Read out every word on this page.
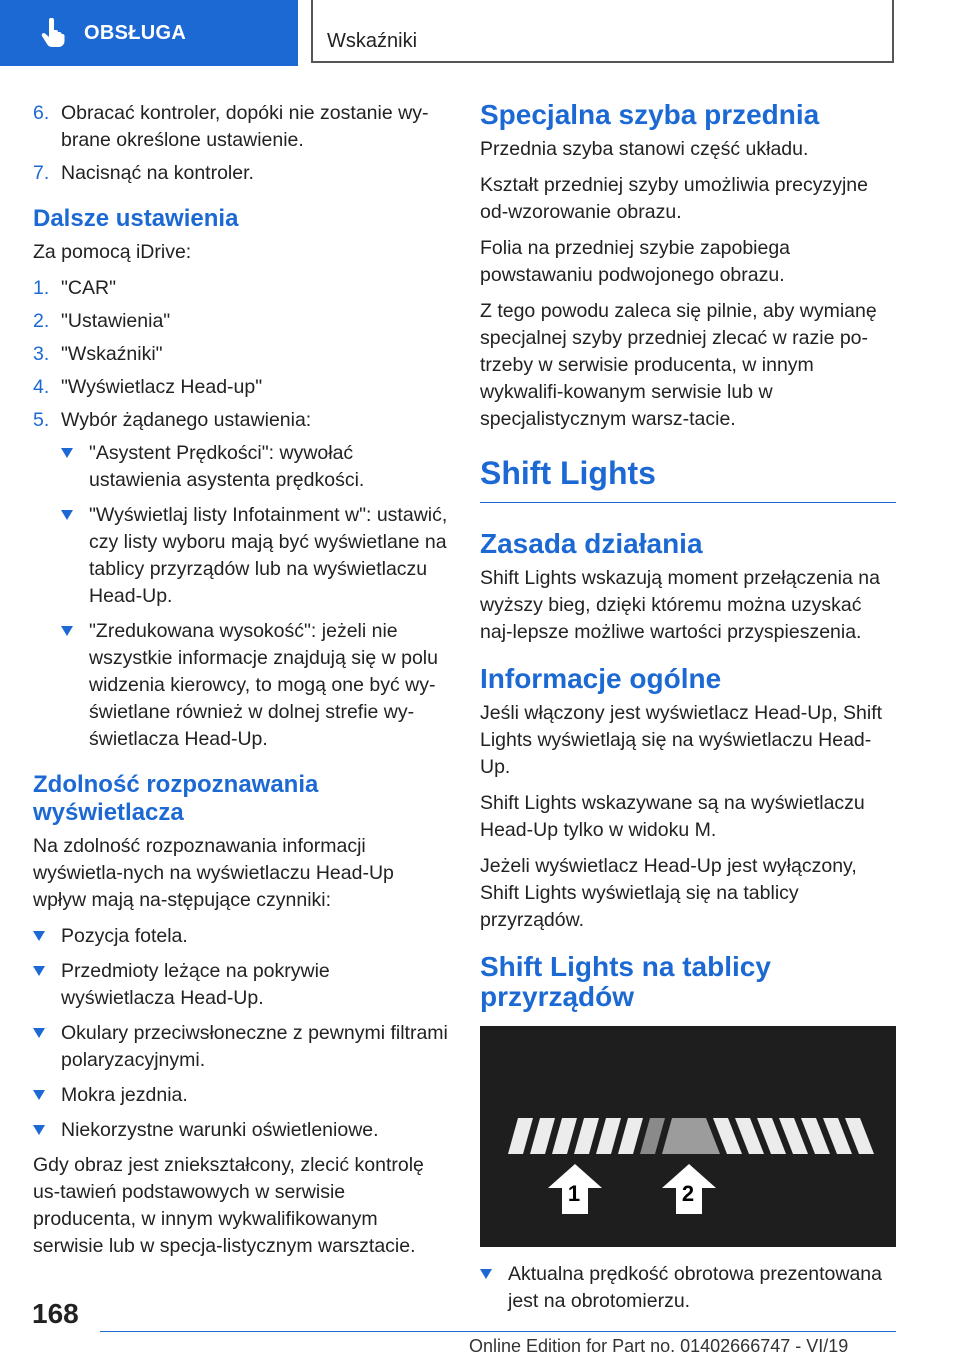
OBSŁUGA	Wskaźniki
6. Obracać kontroler, dopóki nie zostanie wy-brane określone ustawienie.
7. Nacisnąć na kontroler.
Dalsze ustawienia

Za pomocą iDrive:

1. "CAR"
2. "Ustawienia"
3. "Wskaźniki"
4. "Wyświetlacz Head-up"
5. Wybór żądanego ustawienia:
"Asystent Prędkości": wywołać ustawienia asystenta prędkości.
"Wyświetlaj listy Infotainment w": ustawić, czy listy wyboru mają być wyświetlane na tablicy przyrządów lub na wyświetlaczu Head-Up.
"Zredukowana wysokość": jeżeli nie wszystkie informacje znajdują się w polu widzenia kierowcy, to mogą one być wy-świetlane również w dolnej strefie wy-świetlacza Head-Up.
Zdolność rozpoznawania wyświetlacza

Na zdolność rozpoznawania informacji wyświetla-nych na wyświetlaczu Head-Up wpływ mają na-stępujące czynniki:

Pozycja fotela.
Przedmioty leżące na pokrywie wyświetlacza Head-Up.
Okulary przeciwsłoneczne z pewnymi filtrami polaryzacyjnymi.
Mokra jezdnia.
Niekorzystne warunki oświetleniowe.

Gdy obraz jest zniekształcony, zlecić kontrolę us-tawień podstawowych w serwisie producenta, w innym wykwalifikowanym serwisie lub w specja-listycznym warsztacie.

Specjalna szyba przednia

Przednia szyba stanowi część układu.

Kształt przedniej szyby umożliwia precyzyjne od-wzorowanie obrazu.

Folia na przedniej szybie zapobiega powstawaniu podwojonego obrazu.

Z tego powodu zaleca się pilnie, aby wymianę specjalnej szyby przedniej zlecać w razie po-trzeby w serwisie producenta, w innym wykwalifi-kowanym serwisie lub w specjalistycznym warsz-tacie.

Shift Lights
Zasada działania

Shift Lights wskazują moment przełączenia na wyższy bieg, dzięki któremu można uzyskać naj-lepsze możliwe wartości przyspieszenia.

Informacje ogólne

Jeśli włączony jest wyświetlacz Head-Up, Shift Lights wyświetlają się na wyświetlaczu Head-Up.

Shift Lights wskazywane są na wyświetlaczu Head-Up tylko w widoku M.

Jeżeli wyświetlacz Head-Up jest wyłączony, Shift Lights wyświetlają się na tablicy przyrządów.

Shift Lights na tablicy przyrządów
1	2
Aktualna prędkość obrotowa prezentowana jest na obrotomierzu.
168
Online Edition for Part no. 01402666747 - VI/19
